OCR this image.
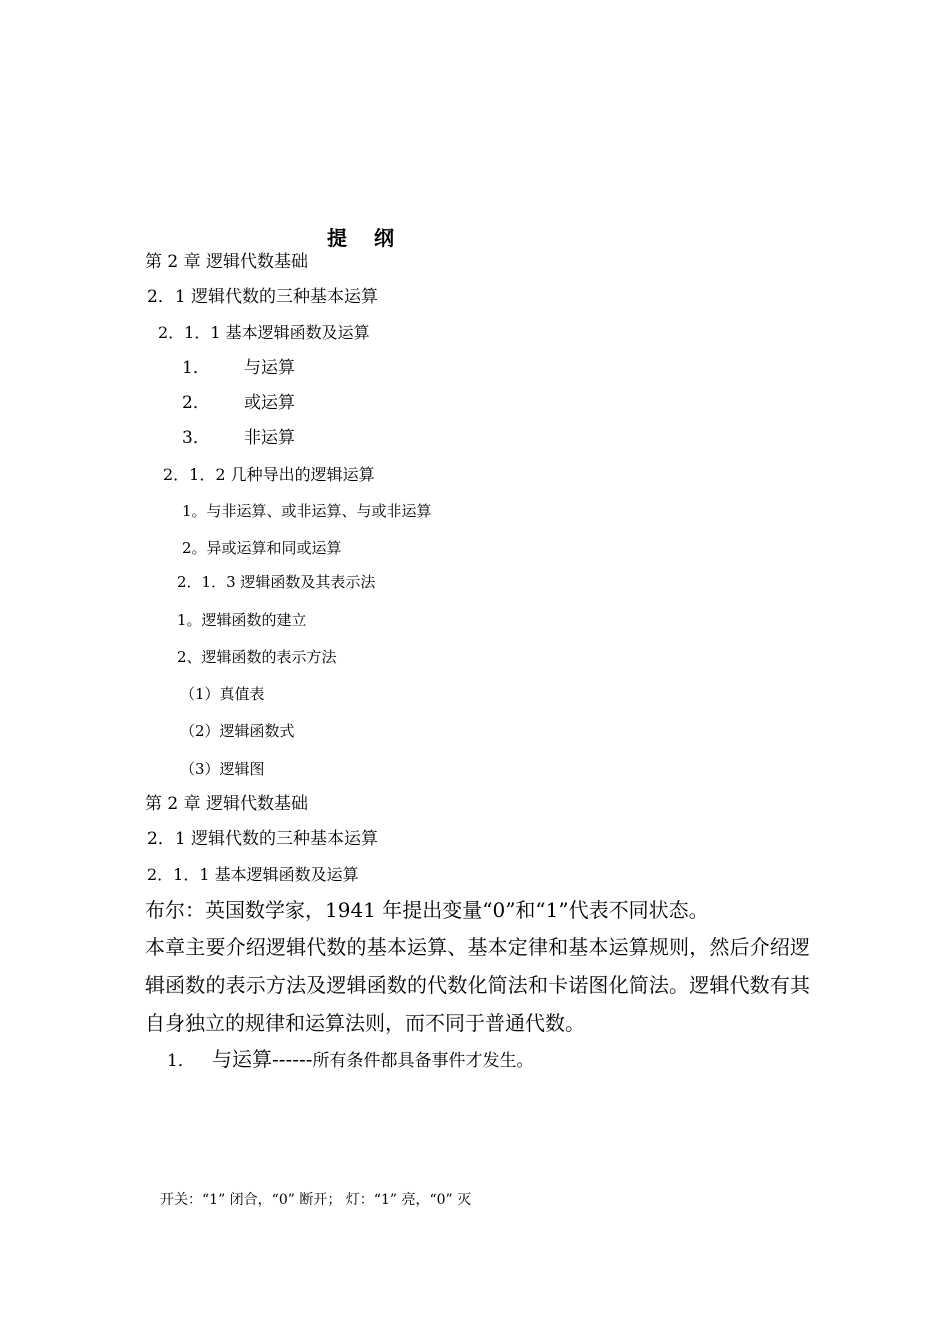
提 纲
第 2 章 逻辑代数基础
2．1 逻辑代数的三种基本运算
2．1．1 基本逻辑函数及运算
1． 与运算
2． 或运算
3． 非运算
2．1．2 几种导出的逻辑运算
1。与非运算、或非运算、与或非运算
2。异或运算和同或运算
2．1．3 逻辑函数及其表示法
1。逻辑函数的建立
2、逻辑函数的表示方法
（1）真值表
（2）逻辑函数式
（3）逻辑图
第 2 章 逻辑代数基础
2．1 逻辑代数的三种基本运算
2．1．1 基本逻辑函数及运算
布尔：英国数学家，1941 年提出变量“0”和“1”代表不同状态。
本章主要介绍逻辑代数的基本运算、基本定律和基本运算规则，然后介绍逻辑函数的表示方法及逻辑函数的代数化简法和卡诺图化简法。逻辑代数有其自身独立的规律和运算法则，而不同于普通代数。
1． 与运算------所有条件都具备事件才发生。
开关：“1” 闭合，“0” 断开； 灯：“1” 亮，“0” 灭
